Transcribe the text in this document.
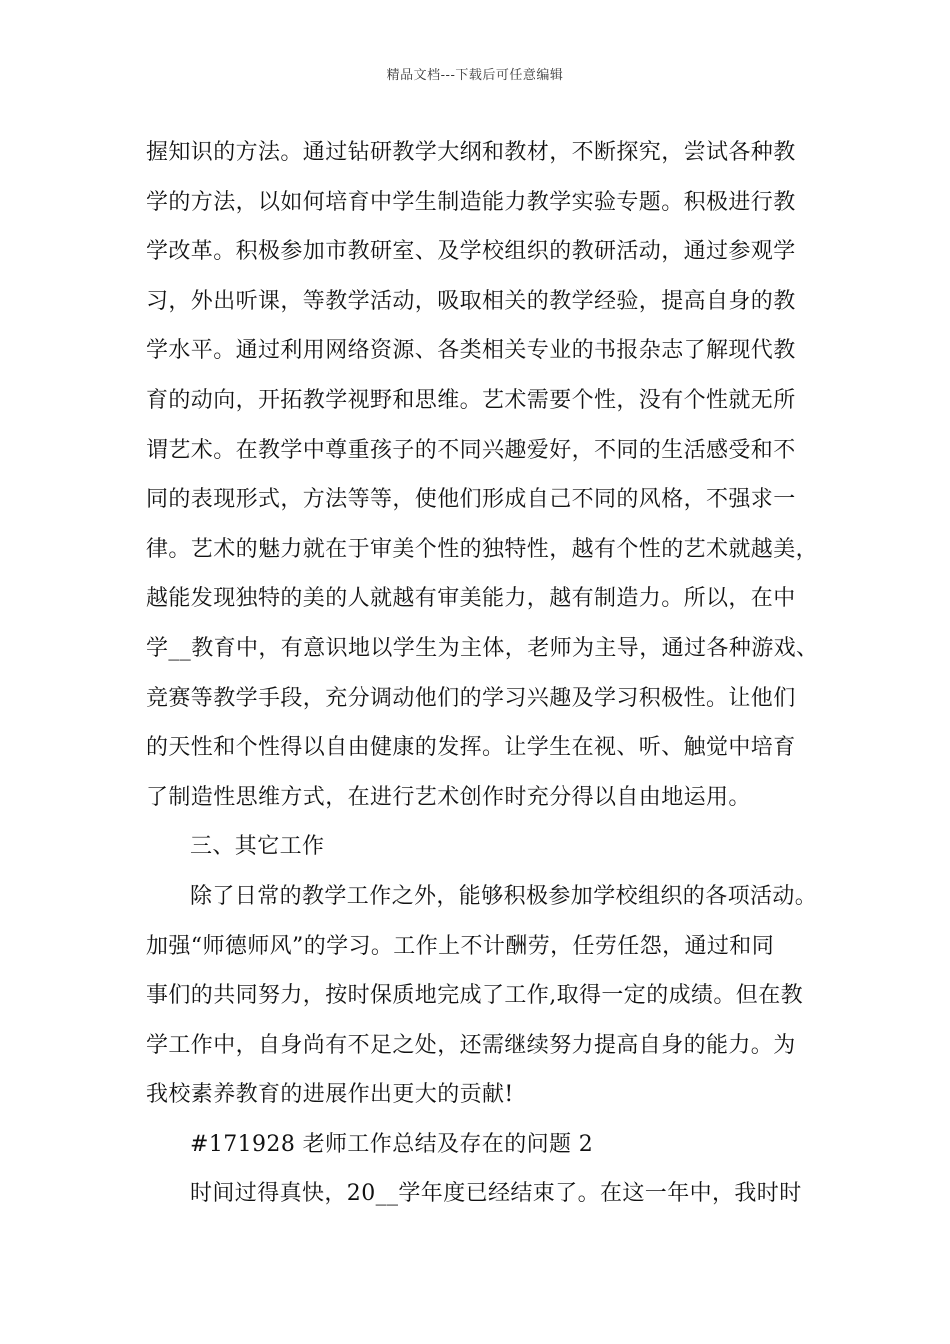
精品文档---下载后可任意编辑
握知识的方法。通过钻研教学大纲和教材，不断探究，尝试各种教
学的方法，以如何培育中学生制造能力教学实验专题。积极进行教
学改革。积极参加市教研室、及学校组织的教研活动，通过参观学
习，外出听课，等教学活动，吸取相关的教学经验，提高自身的教
学水平。通过利用网络资源、各类相关专业的书报杂志了解现代教
育的动向，开拓教学视野和思维。艺术需要个性，没有个性就无所
谓艺术。在教学中尊重孩子的不同兴趣爱好，不同的生活感受和不
同的表现形式，方法等等，使他们形成自己不同的风格，不强求一
律。艺术的魅力就在于审美个性的独特性，越有个性的艺术就越美，
越能发现独特的美的人就越有审美能力，越有制造力。所以，在中
学__教育中，有意识地以学生为主体，老师为主导，通过各种游戏、
竞赛等教学手段，充分调动他们的学习兴趣及学习积极性。让他们
的天性和个性得以自由健康的发挥。让学生在视、听、触觉中培育
了制造性思维方式，在进行艺术创作时充分得以自由地运用。
三、其它工作
除了日常的教学工作之外，能够积极参加学校组织的各项活动。
加强“师德师风”的学习。工作上不计酬劳，任劳任怨，通过和同
事们的共同努力，按时保质地完成了工作,取得一定的成绩。但在教
学工作中，自身尚有不足之处，还需继续努力提高自身的能力。为
我校素养教育的进展作出更大的贡献!
#171928 老师工作总结及存在的问题 2
时间过得真快，20__学年度已经结束了。在这一年中，我时时
